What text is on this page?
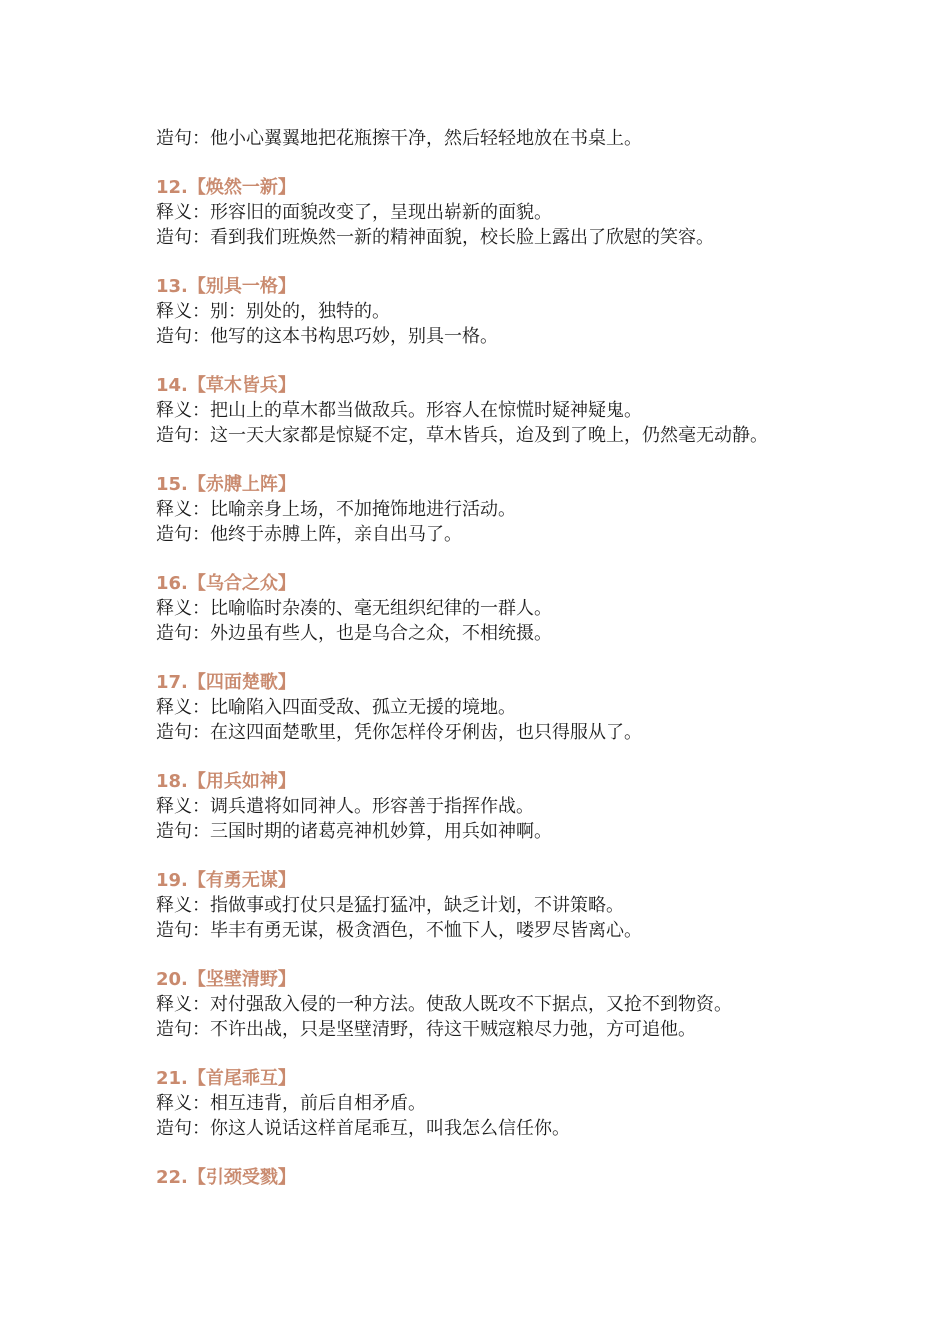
造句：他小心翼翼地把花瓶擦干净，然后轻轻地放在书桌上。

12.【焕然一新】

释义：形容旧的面貌改变了，呈现出崭新的面貌。

造句：看到我们班焕然一新的精神面貌，校长脸上露出了欣慰的笑容。

13.【别具一格】

释义：别：别处的，独特的。

造句：他写的这本书构思巧妙，别具一格。

14.【草木皆兵】

释义：把山上的草木都当做敌兵。形容人在惊慌时疑神疑鬼。

造句：这一天大家都是惊疑不定，草木皆兵，迨及到了晚上，仍然毫无动静。

15.【赤膊上阵】

释义：比喻亲身上场，不加掩饰地进行活动。

造句：他终于赤膊上阵，亲自出马了。

16.【乌合之众】

释义：比喻临时杂凑的、毫无组织纪律的一群人。

造句：外边虽有些人，也是乌合之众，不相统摄。

17.【四面楚歌】

释义：比喻陷入四面受敌、孤立无援的境地。

造句：在这四面楚歌里，凭你怎样伶牙俐齿，也只得服从了。

18.【用兵如神】

释义：调兵遣将如同神人。形容善于指挥作战。

造句：三国时期的诸葛亮神机妙算，用兵如神啊。

19.【有勇无谋】

释义：指做事或打仗只是猛打猛冲，缺乏计划，不讲策略。

造句：毕丰有勇无谋，极贪酒色，不恤下人，喽罗尽皆离心。

20.【坚壁清野】

释义：对付强敌入侵的一种方法。使敌人既攻不下据点，又抢不到物资。

造句：不许出战，只是坚壁清野，待这干贼寇粮尽力弛，方可追他。

21.【首尾乖互】

释义：相互违背，前后自相矛盾。

造句：你这人说话这样首尾乖互，叫我怎么信任你。

22.【引颈受戮】
